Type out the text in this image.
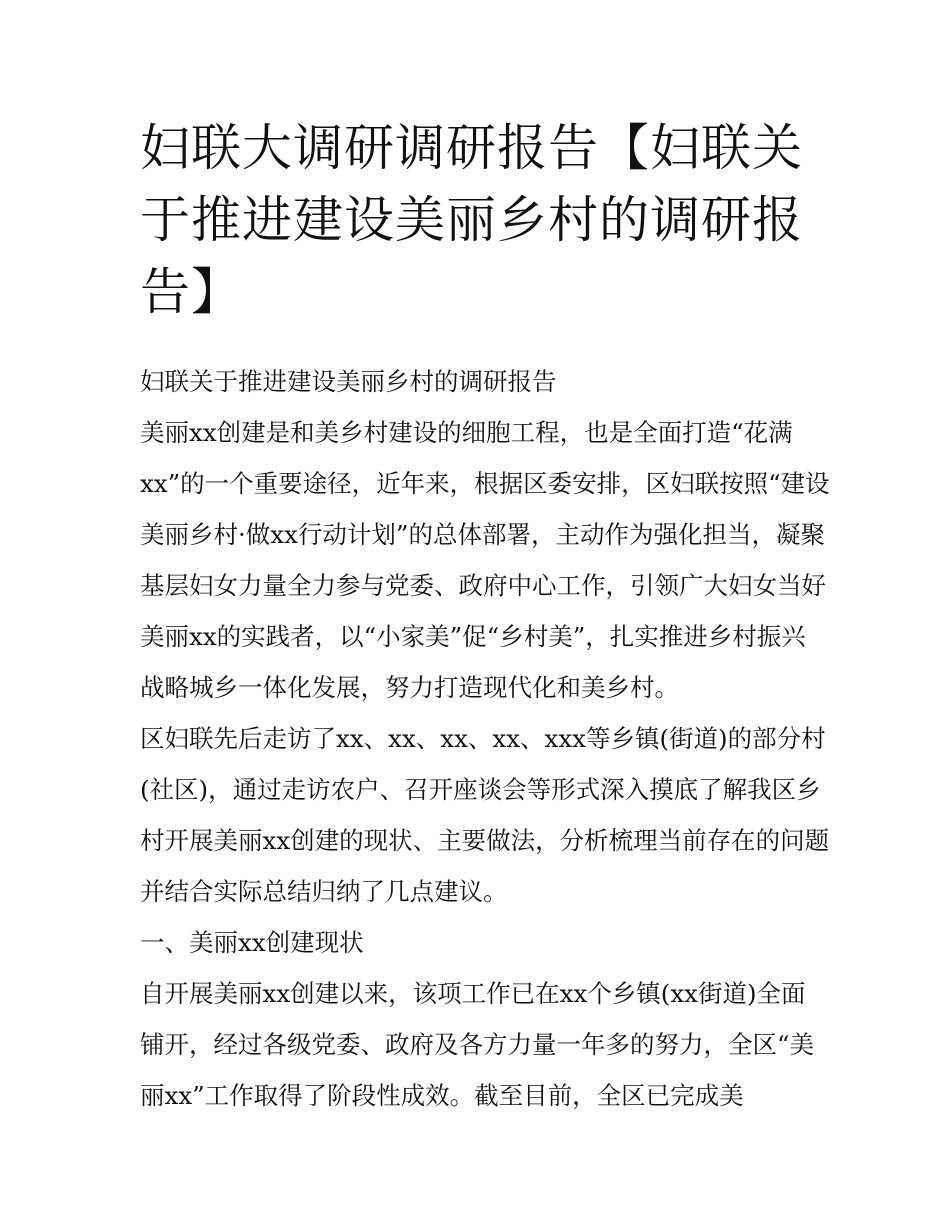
妇联大调研调研报告【妇联关于推进建设美丽乡村的调研报告】

妇联关于推进建设美丽乡村的调研报告

美丽xx创建是和美乡村建设的细胞工程，也是全面打造“花满xx”的一个重要途径，近年来，根据区委安排，区妇联按照“建设美丽乡村·做xx行动计划”的总体部署，主动作为强化担当，凝聚基层妇女力量全力参与党委、政府中心工作，引领广大妇女当好美丽xx的实践者，以“小家美”促“乡村美”，扎实推进乡村振兴战略城乡一体化发展，努力打造现代化和美乡村。

区妇联先后走访了xx、xx、xx、xx、xxx等乡镇(街道)的部分村(社区)，通过走访农户、召开座谈会等形式深入摸底了解我区乡村开展美丽xx创建的现状、主要做法，分析梳理当前存在的问题并结合实际总结归纳了几点建议。

一、美丽xx创建现状

自开展美丽xx创建以来，该项工作已在xx个乡镇(xx街道)全面铺开，经过各级党委、政府及各方力量一年多的努力，全区“美丽xx”工作取得了阶段性成效。截至目前，全区已完成美
